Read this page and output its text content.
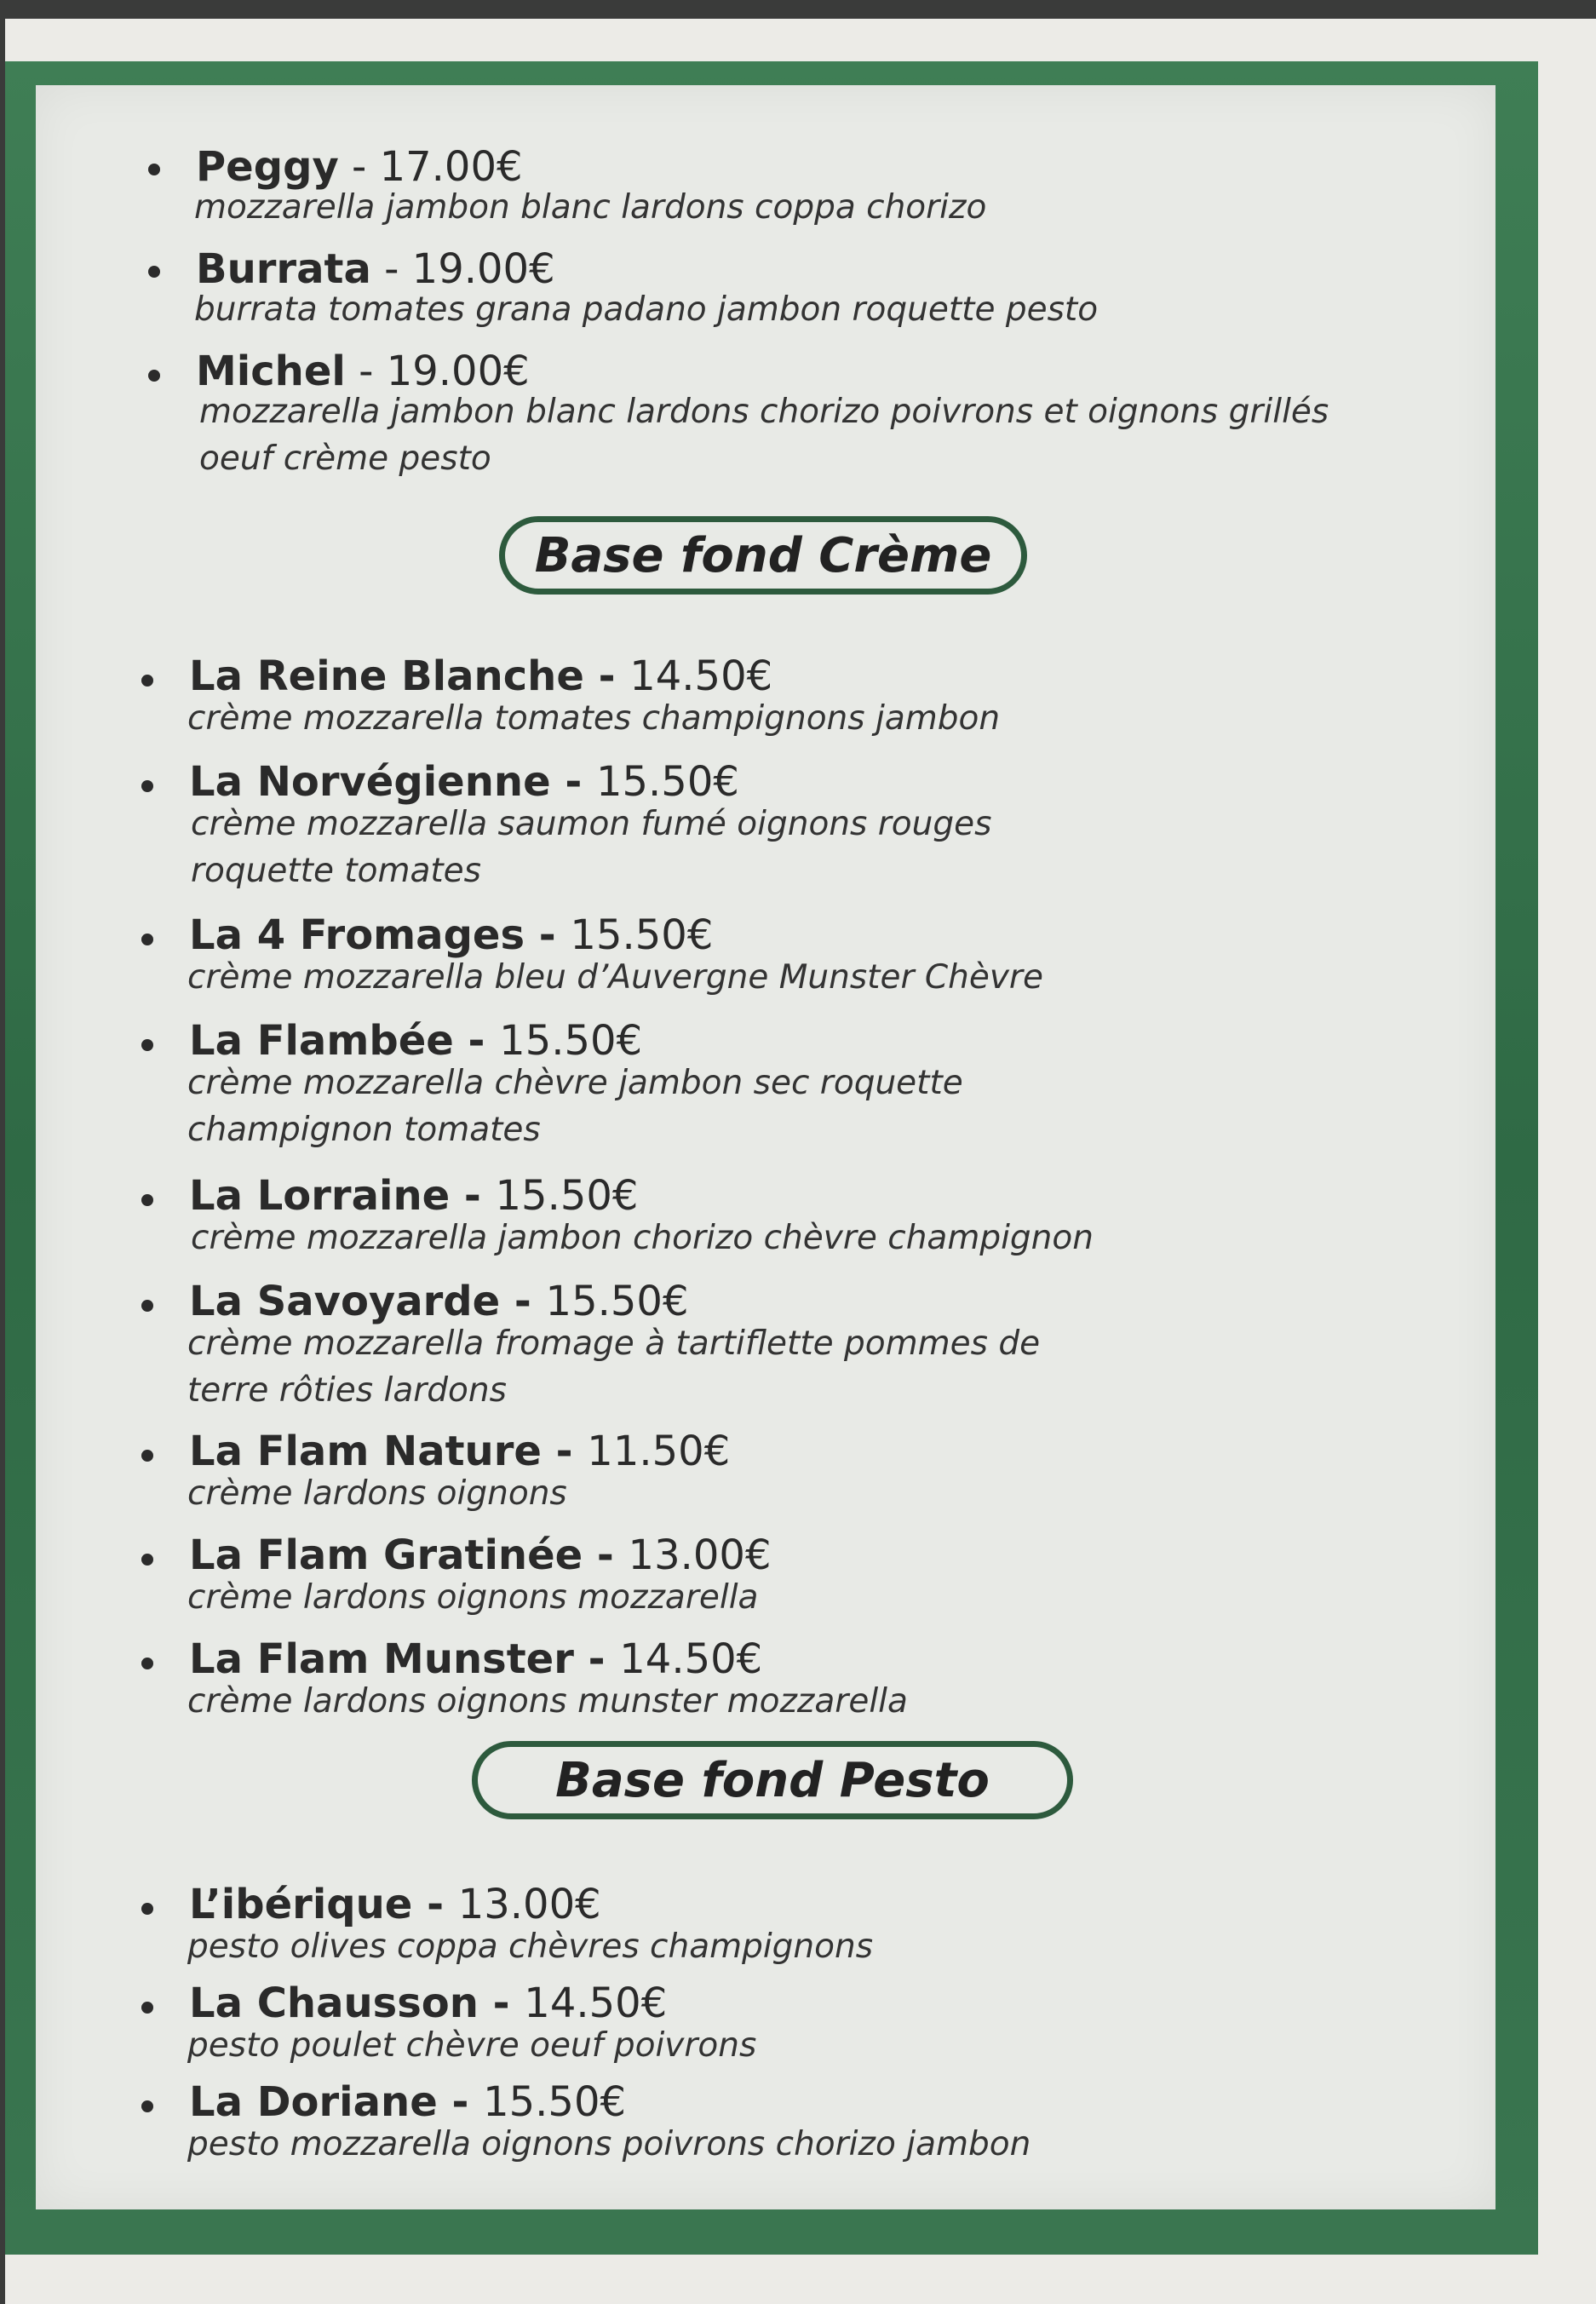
Peggy - 17.00€
mozzarella jambon blanc lardons coppa chorizo
Burrata - 19.00€
burrata tomates grana padano jambon roquette pesto
Michel - 19.00€
mozzarella jambon blanc lardons chorizo poivrons et oignons grillés oeuf crème pesto
Base fond Crème
La Reine Blanche - 14.50€
crème mozzarella tomates champignons jambon
La Norvégienne - 15.50€
crème mozzarella saumon fumé oignons rouges roquette tomates
La 4 Fromages - 15.50€
crème mozzarella bleu d’Auvergne Munster Chèvre
La Flambée - 15.50€
crème mozzarella chèvre jambon sec roquette champignon tomates
La Lorraine - 15.50€
crème mozzarella jambon chorizo chèvre champignon
La Savoyarde - 15.50€
crème mozzarella fromage à tartiflette pommes de terre rôties lardons
La Flam Nature - 11.50€
crème lardons oignons
La Flam Gratinée - 13.00€
crème lardons oignons mozzarella
La Flam Munster - 14.50€
crème lardons oignons munster mozzarella
Base fond Pesto
L’ibérique - 13.00€
pesto olives coppa chèvres champignons
La Chausson - 14.50€
pesto poulet chèvre oeuf poivrons
La Doriane - 15.50€
pesto mozzarella oignons poivrons chorizo jambon
